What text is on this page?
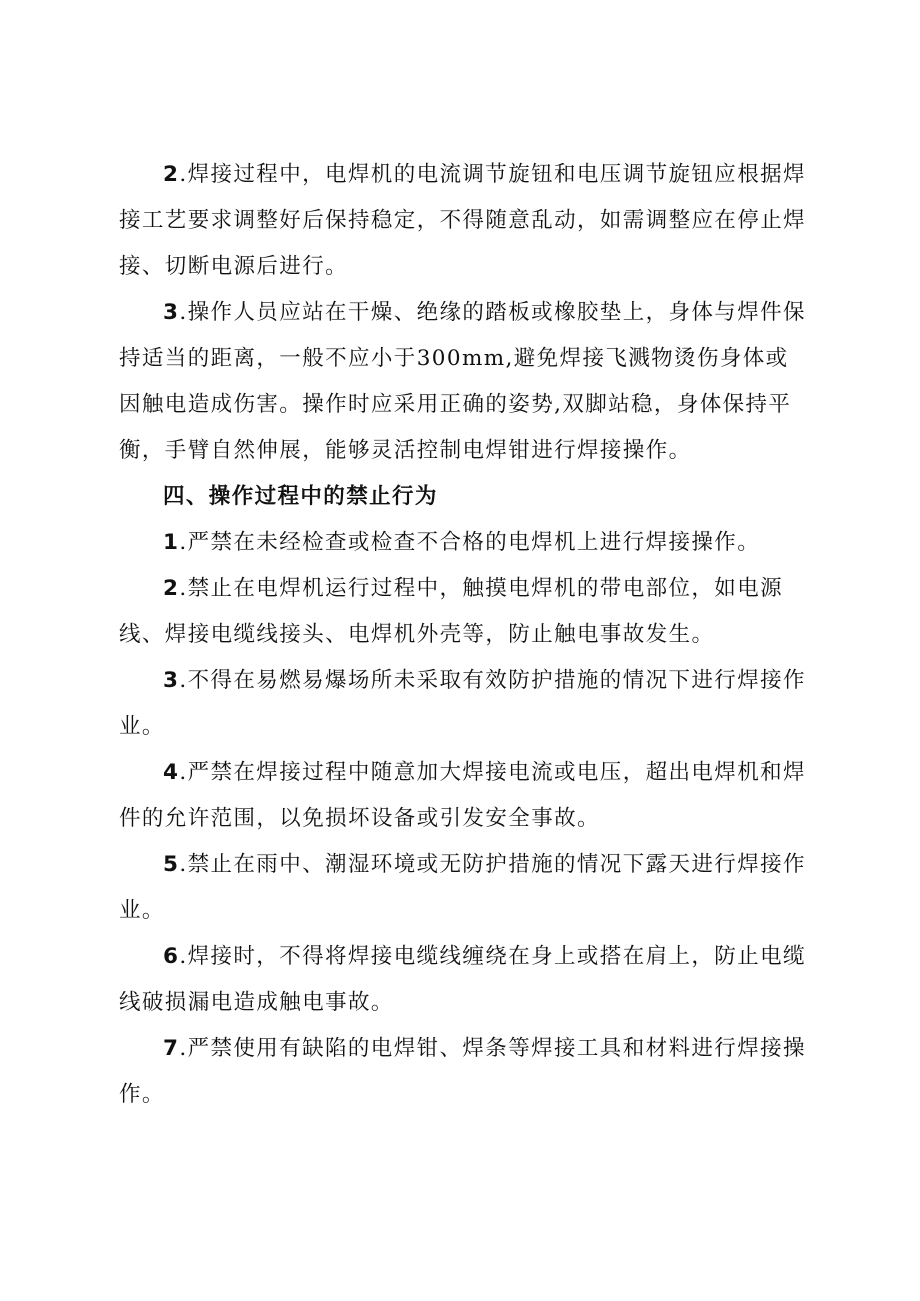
2.焊接过程中，电焊机的电流调节旋钮和电压调节旋钮应根据焊接工艺要求调整好后保持稳定，不得随意乱动，如需调整应在停止焊接、切断电源后进行。

3.操作人员应站在干燥、绝缘的踏板或橡胶垫上，身体与焊件保持适当的距离，一般不应小于300mm,避免焊接飞溅物烫伤身体或因触电造成伤害。操作时应采用正确的姿势,双脚站稳，身体保持平衡，手臂自然伸展，能够灵活控制电焊钳进行焊接操作。

四、操作过程中的禁止行为

1.严禁在未经检查或检查不合格的电焊机上进行焊接操作。

2.禁止在电焊机运行过程中，触摸电焊机的带电部位，如电源线、焊接电缆线接头、电焊机外壳等，防止触电事故发生。

3.不得在易燃易爆场所未采取有效防护措施的情况下进行焊接作业。

4.严禁在焊接过程中随意加大焊接电流或电压，超出电焊机和焊件的允许范围，以免损坏设备或引发安全事故。

5.禁止在雨中、潮湿环境或无防护措施的情况下露天进行焊接作业。

6.焊接时，不得将焊接电缆线缠绕在身上或搭在肩上，防止电缆线破损漏电造成触电事故。

7.严禁使用有缺陷的电焊钳、焊条等焊接工具和材料进行焊接操作。
